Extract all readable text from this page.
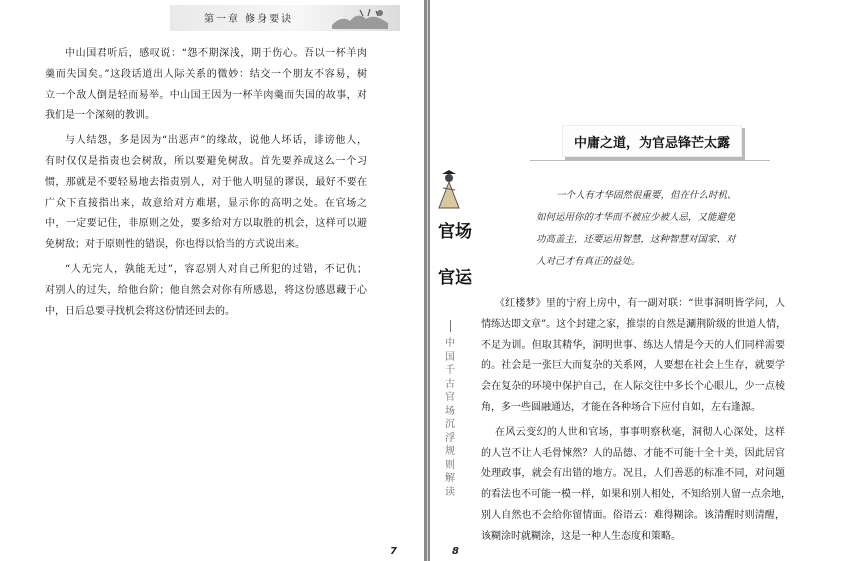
第一章 修身要诀
中山国君听后，感叹说：“怨不期深浅，期于伤心。吾以一杯羊肉
羹而失国矣。”这段话道出人际关系的微妙：结交一个朋友不容易，树
立一个敌人倒是轻而易举。中山国王因为一杯羊肉羹而失国的故事，对
我们是一个深刻的教训。
与人结怨，多是因为“出恶声”的缘故，说他人坏话，诽谤他人，
有时仅仅是指责也会树敌，所以要避免树敌。首先要养成这么一个习
惯，那就是不要轻易地去指责别人，对于他人明显的谬误，最好不要在
广众下直接指出来，故意给对方难堪，显示你的高明之处。在官场之
中，一定要记住，非原则之处，要多给对方以取胜的机会，这样可以避
免树敌；对于原则性的错误，你也得以恰当的方式说出来。
“人无完人，孰能无过”，容忍别人对自己所犯的过错，不记仇；
对别人的过失，给他台阶；他自然会对你有所感恩，将这份感恩藏于心
中，日后总要寻找机会将这份情还回去的。
7
官场
官运
中
国
千
古
官
场
沉
浮
规
则
解
读
中庸之道，为官忌锋芒太露
一个人有才华固然很重要，但在什么时机、
如何运用你的才华而不被应少被人忌，又能避免
功高盖主，还要运用智慧，这种智慧对国家、对
人对己才有真正的益处。
《红楼梦》里的宁府上房中，有一副对联：“世事洞明皆学问，人
情练达即文章”。这个封建之家，推崇的自然是涮荆阶级的世道人情，
不足为训。但取其精华，洞明世事、练达人情是今天的人们同样需要
的。社会是一张巨大而复杂的关系网，人要想在社会上生存，就要学
会在复杂的环境中保护自己，在人际交往中多长个心眼儿，少一点棱
角，多一些圆融通达，才能在各种场合下应付自如，左右逢源。
在风云变幻的人世和官场，事事明察秋毫，洞彻人心深处，这样
的人岂不让人毛骨悚然？人的品德、才能不可能十全十美，因此居官
处理政事，就会有出错的地方。况且，人们善恶的标准不同，对问题
的看法也不可能一模一样，如果和别人相处，不知给别人留一点余地，
别人自然也不会给你留情面。俗语云：难得糊涂。该清醒时则清醒，
该糊涂时就糊涂，这是一种人生态度和策略。
8
